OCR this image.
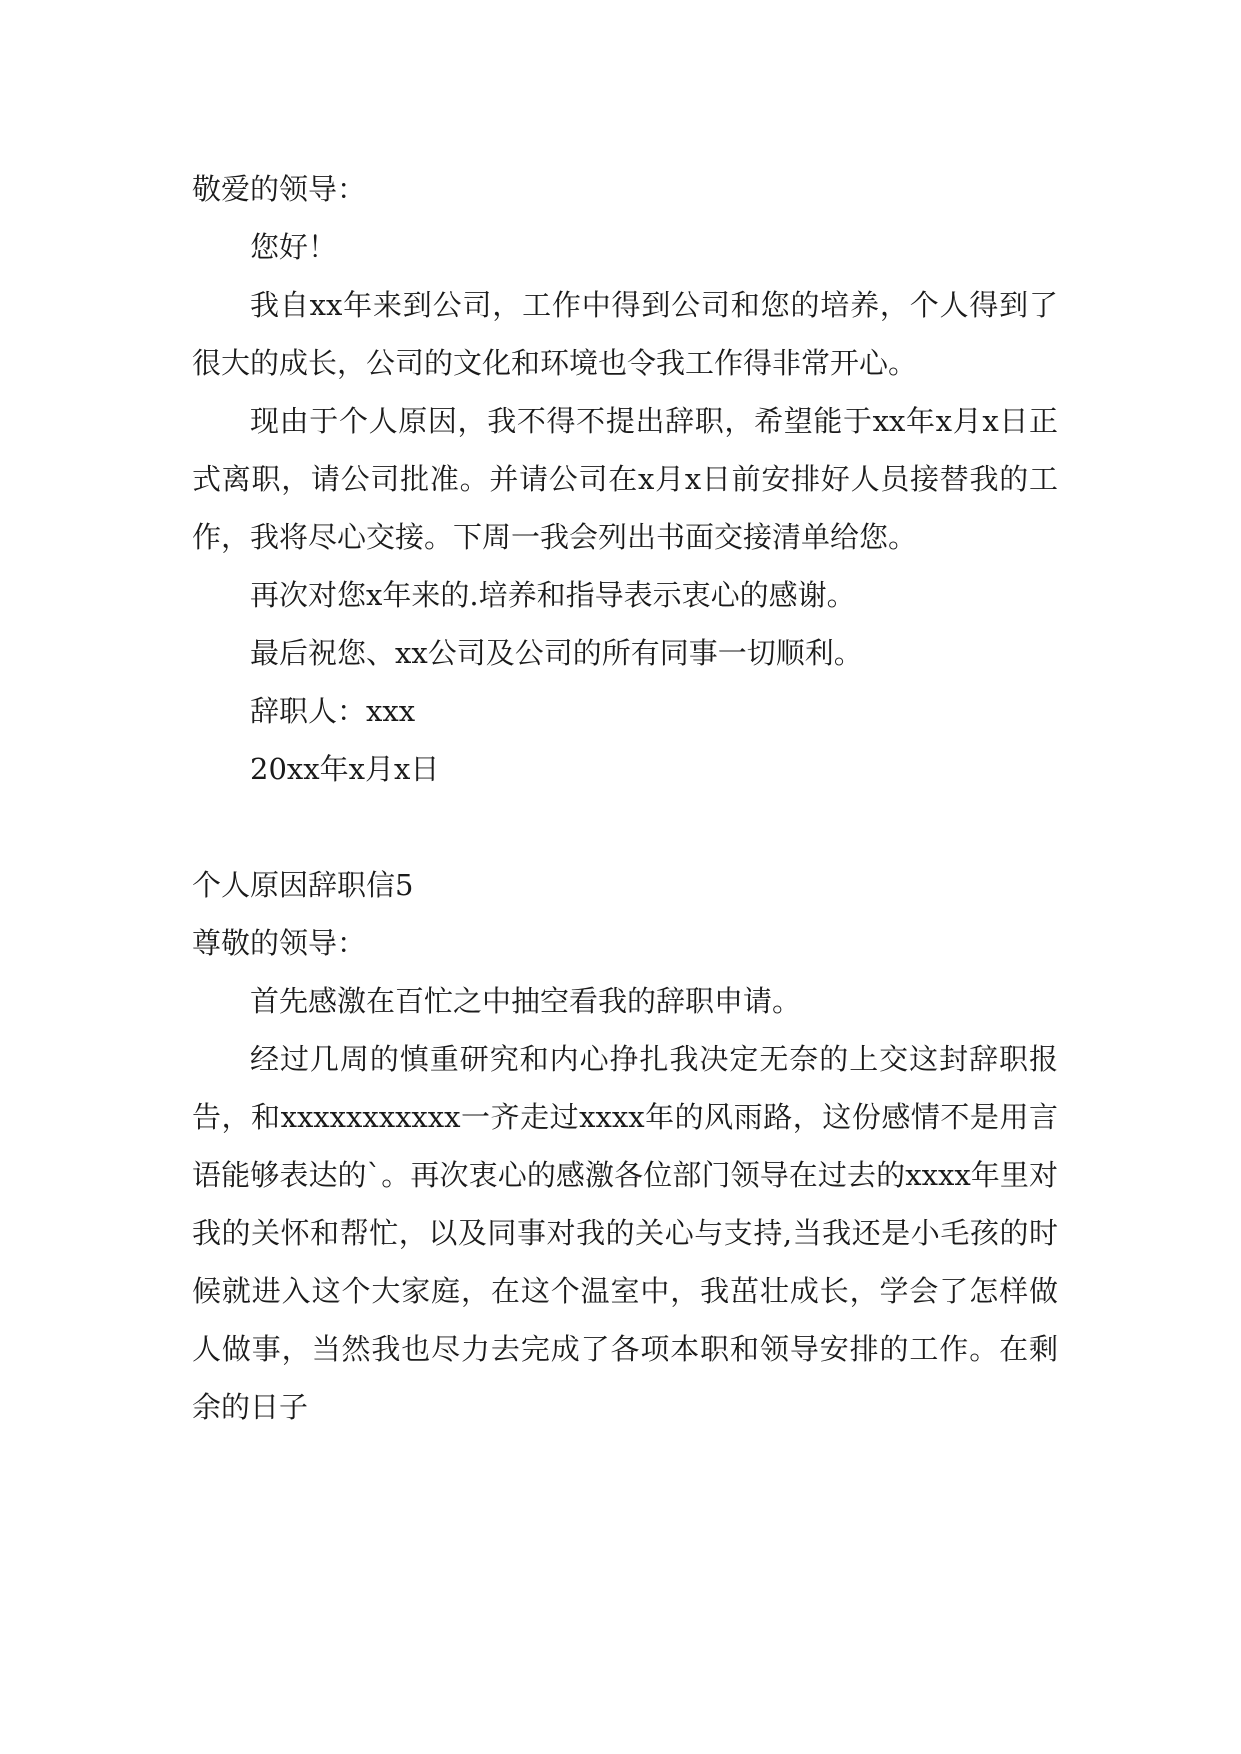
敬爱的领导：

您好！

我自xx年来到公司，工作中得到公司和您的培养，个人得到了很大的成长，公司的文化和环境也令我工作得非常开心。

现由于个人原因，我不得不提出辞职，希望能于xx年x月x日正式离职，请公司批准。并请公司在x月x日前安排好人员接替我的工作，我将尽心交接。下周一我会列出书面交接清单给您。

再次对您x年来的.培养和指导表示衷心的感谢。

最后祝您、xx公司及公司的所有同事一切顺利。

辞职人：xxx

20xx年x月x日

个人原因辞职信5

尊敬的领导：

首先感激在百忙之中抽空看我的辞职申请。

经过几周的慎重研究和内心挣扎我决定无奈的上交这封辞职报告，和xxxxxxxxxxx一齐走过xxxx年的风雨路，这份感情不是用言语能够表达的`。再次衷心的感激各位部门领导在过去的xxxx年里对我的关怀和帮忙，以及同事对我的关心与支持,当我还是小毛孩的时候就进入这个大家庭，在这个温室中，我茁壮成长，学会了怎样做人做事，当然我也尽力去完成了各项本职和领导安排的工作。在剩余的日子
